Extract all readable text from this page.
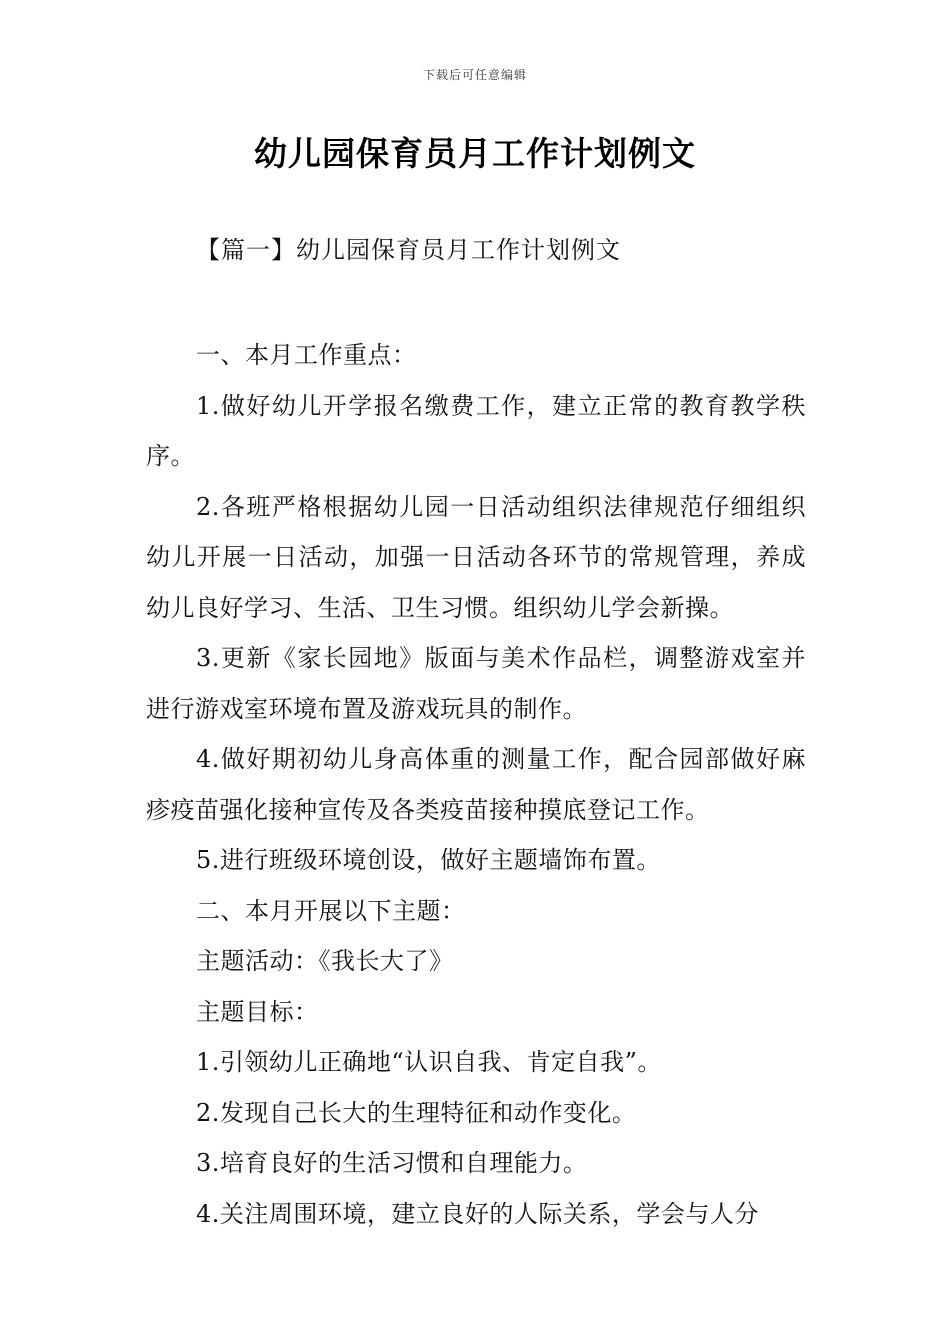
下载后可任意编辑
幼儿园保育员月工作计划例文
【篇一】幼儿园保育员月工作计划例文

一、本月工作重点：

1.做好幼儿开学报名缴费工作，建立正常的教育教学秩序。

2.各班严格根据幼儿园一日活动组织法律规范仔细组织幼儿开展一日活动，加强一日活动各环节的常规管理，养成幼儿良好学习、生活、卫生习惯。组织幼儿学会新操。

3.更新《家长园地》版面与美术作品栏，调整游戏室并进行游戏室环境布置及游戏玩具的制作。

4.做好期初幼儿身高体重的测量工作，配合园部做好麻疹疫苗强化接种宣传及各类疫苗接种摸底登记工作。

5.进行班级环境创设，做好主题墙饰布置。

二、本月开展以下主题：

主题活动：《我长大了》

主题目标：

1.引领幼儿正确地“认识自我、肯定自我”。

2.发现自己长大的生理特征和动作变化。

3.培育良好的生活习惯和自理能力。

4.关注周围环境，建立良好的人际关系，学会与人分
